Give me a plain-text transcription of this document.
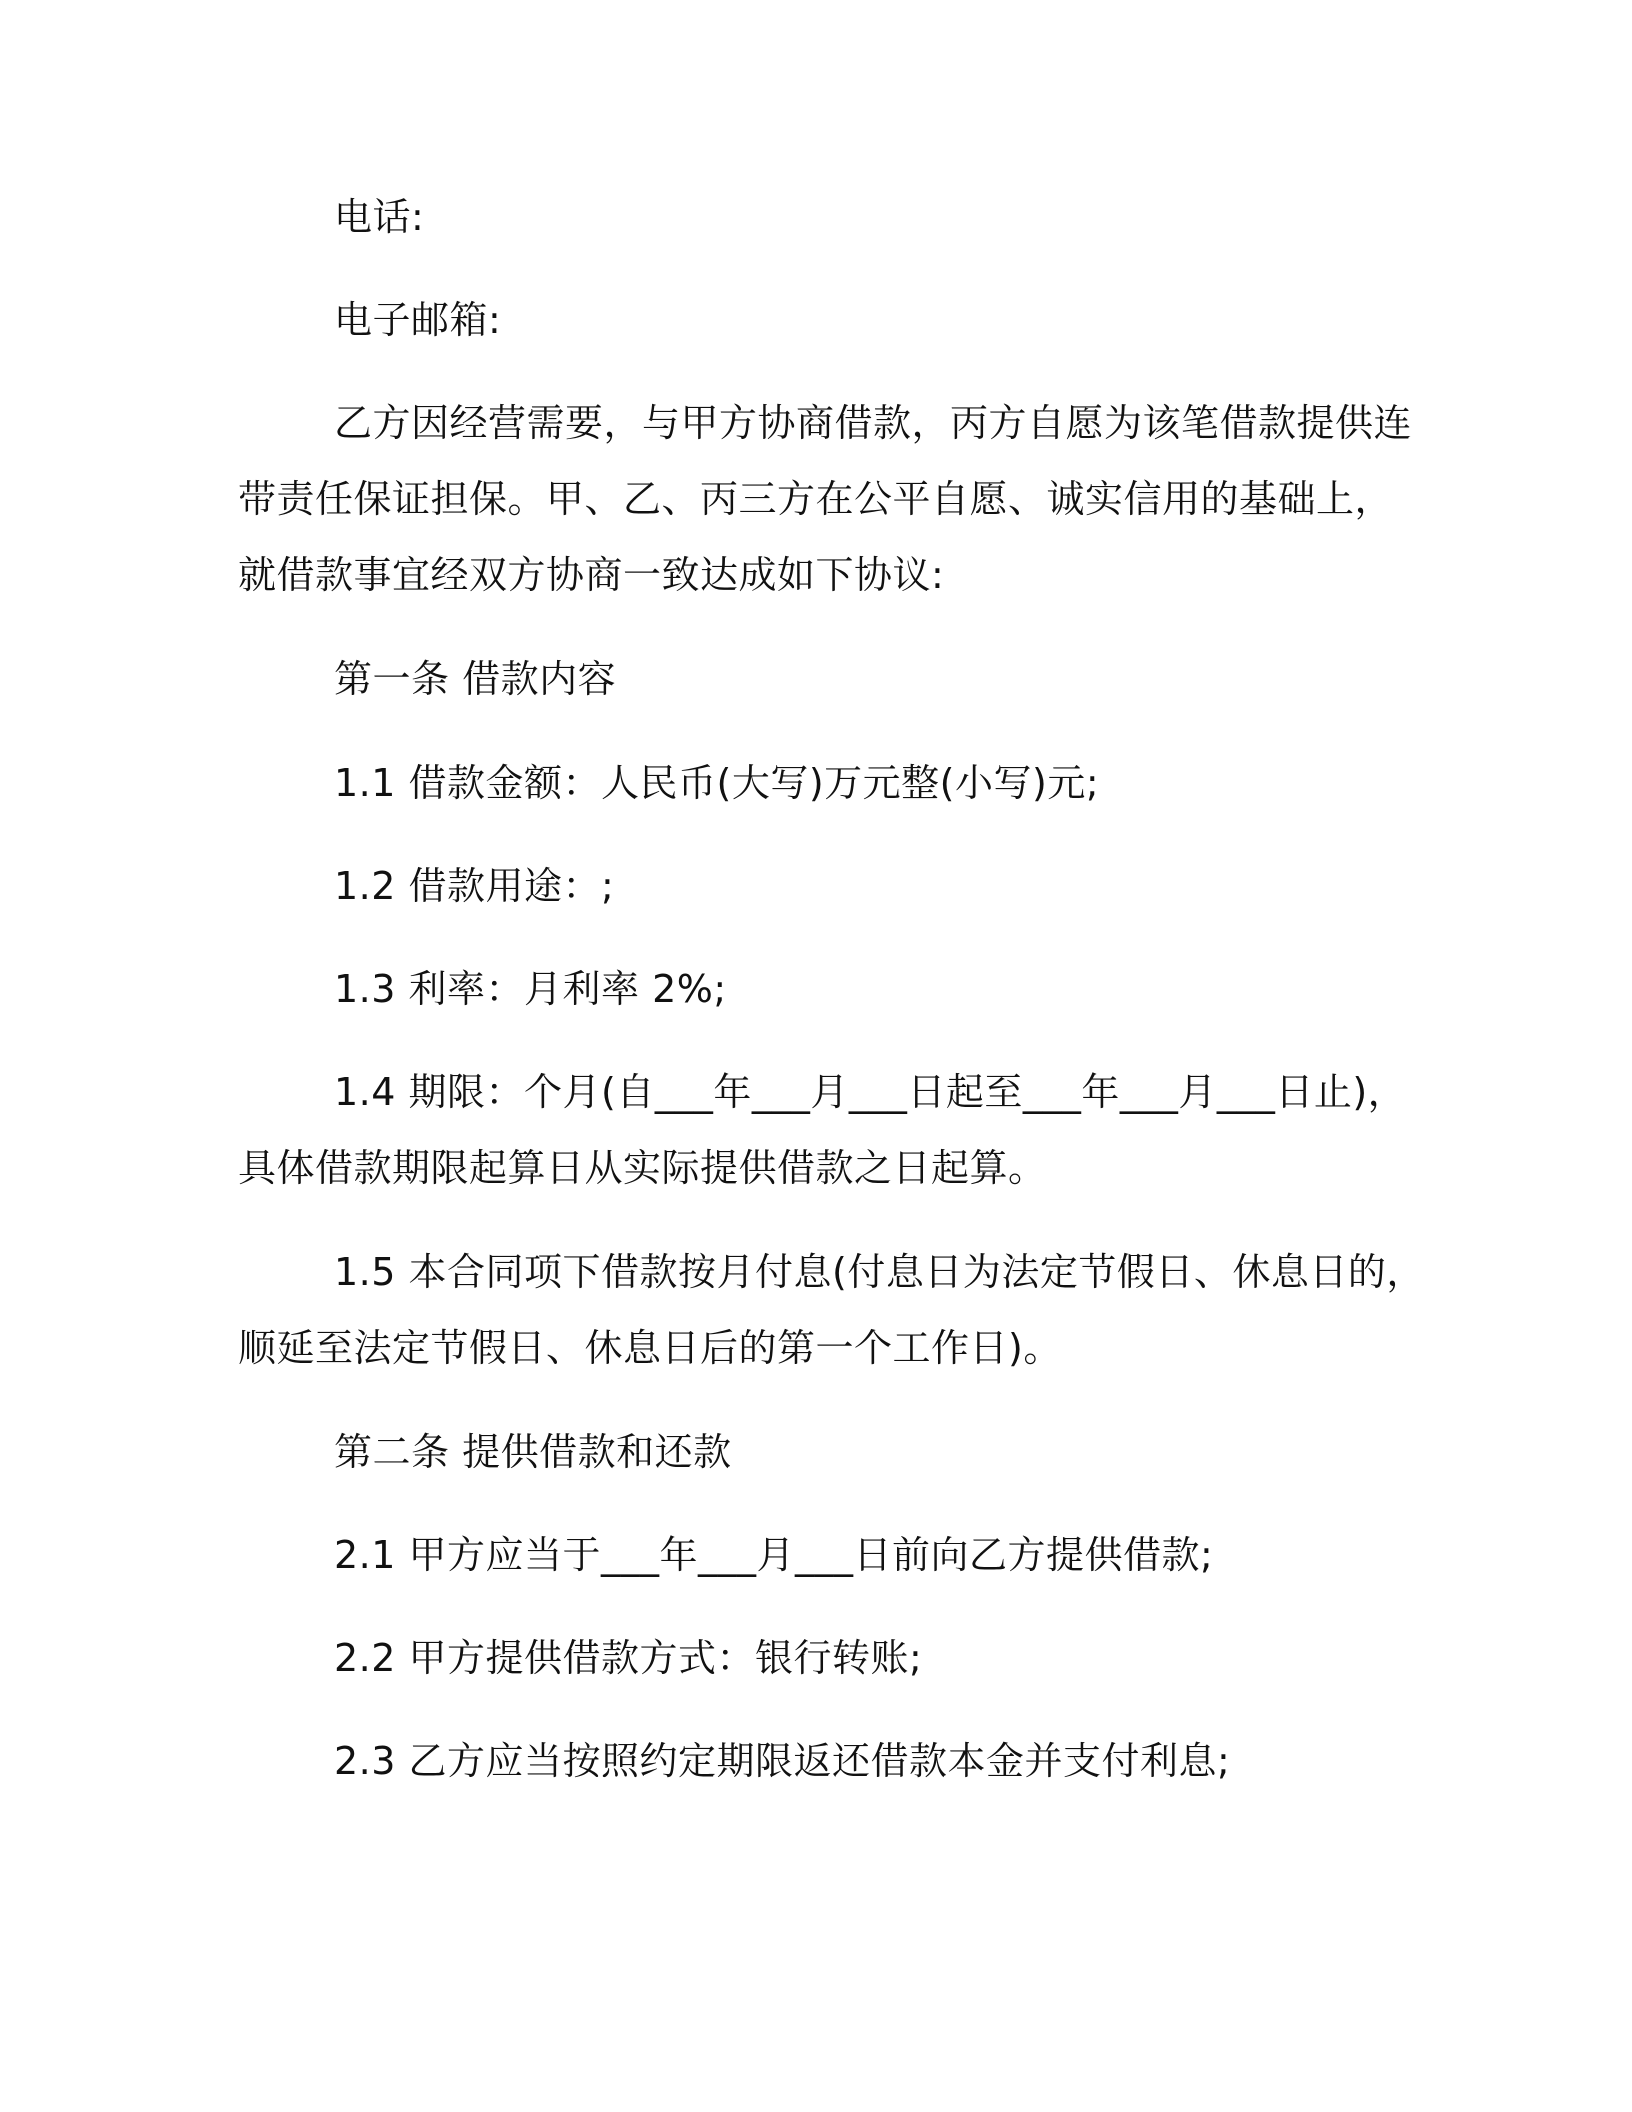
电话:
电子邮箱:
乙方因经营需要，与甲方协商借款，丙方自愿为该笔借款提供连
带责任保证担保。甲、乙、丙三方在公平自愿、诚实信用的基础上，
就借款事宜经双方协商一致达成如下协议:
第一条 借款内容
1.1 借款金额：人民币(大写)万元整(小写)元;
1.2 借款用途：;
1.3 利率：月利率 2%;
1.4 期限：个月(自___年___月___日起至___年___月___日止)，
具体借款期限起算日从实际提供借款之日起算。
1.5 本合同项下借款按月付息(付息日为法定节假日、休息日的，
顺延至法定节假日、休息日后的第一个工作日)。
第二条 提供借款和还款
2.1 甲方应当于___年___月___日前向乙方提供借款;
2.2 甲方提供借款方式：银行转账;
2.3 乙方应当按照约定期限返还借款本金并支付利息;
